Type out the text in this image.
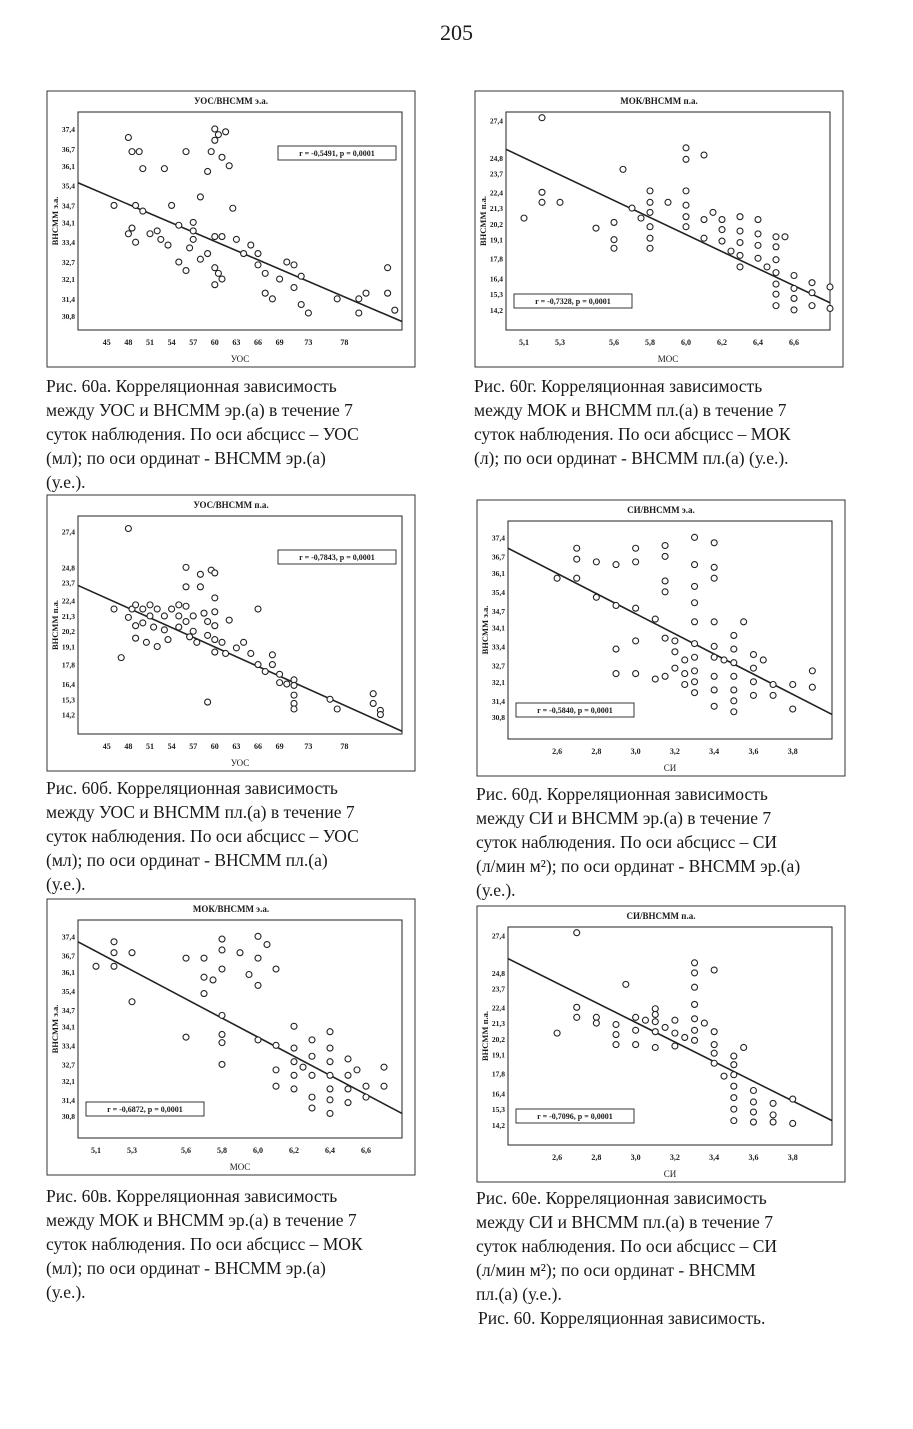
205
УОС/ВНСММ э.а.
УОС
ВНСММ э.а.
45 48 51 54 57 60 63 66 69	73	78
37,4
36,7
36,1
35,4
34,7
34,1
33,4
32,7
32,1
31,4
30,8
r = -0,5491, p = 0,0001
МОК/ВНСММ п.а.
МОС
ВНСММ п.а.
5,1	5,3	5,6	5,8	6,0	6,2	6,4	6,6
27,4
24,8
23,7
22,4
21,3
20,2
19,1
17,8
16,4
15,3
14,2
r = -0,7328, p = 0,0001
УОС/ВНСММ п.а.
УОС
ВНСММ п.а.
45 48 51 54 57 60 63 66 69	73	78
27,4
24,8
23,7
22,4
21,3
20,2
19,1
17,8
16,4
15,3
14,2
r = -0,7843, p = 0,0001
СИ/ВНСММ э.а.
СИ
ВНСММ э.а.
2,6	2,8	3,0	3,2	3,4	3,6	3,8
37,4
36,7
36,1
35,4
34,7
34,1
33,4
32,7
32,1
31,4
30,8
r = -0,5840, p = 0,0001
МОК/ВНСММ э.а.
МОС
ВНСММ э.а.
5,1	5,3	5,6	5,8	6,0	6,2	6,4	6,6
37,4
36,7
36,1
35,4
34,7
34,1
33,4
32,7
32,1
31,4
30,8
r = -0,6872, p = 0,0001
СИ/ВНСММ п.а.
СИ
ВНСММ п.а.
2,6	2,8	3,0	3,2	3,4	3,6	3,8
27,4
24,8
23,7
22,4
21,3
20,2
19,1
17,8
16,4
15,3
14,2
r = -0,7096, p = 0,0001
Рис. 60а. Корреляционная зависимость
между УОС и ВНСММ эр.(а) в течение 7
суток наблюдения. По оси абсцисс – УОС
(мл); по оси ординат - ВНСММ эр.(а)
(у.е.).
Рис. 60г. Корреляционная зависимость
между МОК и ВНСММ пл.(а) в течение 7
суток наблюдения. По оси абсцисс – МОК
(л); по оси ординат - ВНСММ пл.(а) (у.е.).
Рис. 60б. Корреляционная зависимость
между УОС и ВНСММ пл.(а) в течение 7
суток наблюдения. По оси абсцисс – УОС
(мл); по оси ординат - ВНСММ пл.(а)
(у.е.).
Рис. 60д. Корреляционная зависимость
между СИ и ВНСММ эр.(а) в течение 7
суток наблюдения. По оси абсцисс – СИ
(л/мин м²); по оси ординат - ВНСММ эр.(а)
(у.е.).
Рис. 60в. Корреляционная зависимость
между МОК и ВНСММ эр.(а) в течение 7
суток наблюдения. По оси абсцисс – МОК
(мл); по оси ординат - ВНСММ эр.(а)
(у.е.).
Рис. 60е. Корреляционная зависимость
между СИ и ВНСММ пл.(а) в течение 7
суток наблюдения. По оси абсцисс – СИ
(л/мин м²); по оси ординат - ВНСММ
пл.(а) (у.е.).
Рис. 60. Корреляционная зависимость.
